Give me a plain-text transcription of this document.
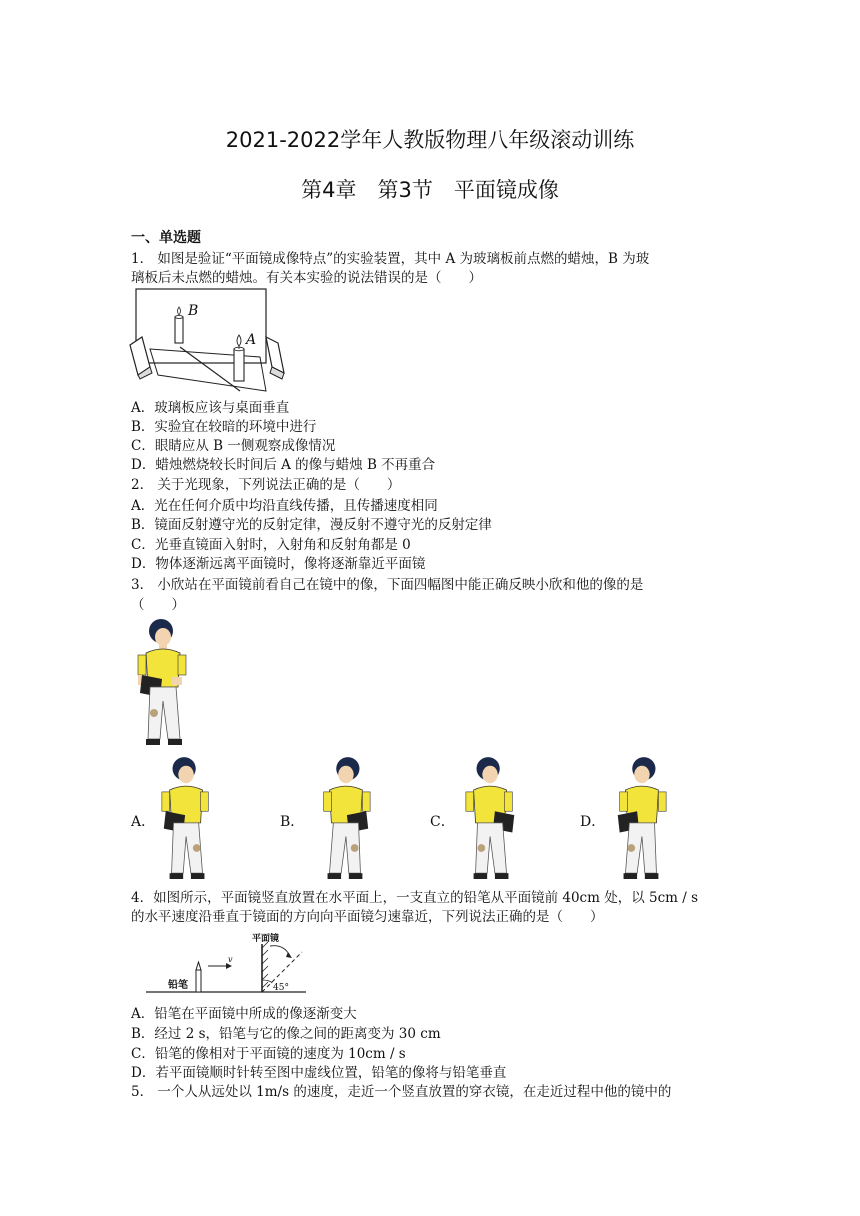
2021-2022学年人教版物理八年级滚动训练
第4章　第3节　平面镜成像
一、单选题
1． 如图是验证“平面镜成像特点”的实验装置，其中 A 为玻璃板前点燃的蜡烛，B 为玻
璃板后未点燃的蜡烛。有关本实验的说法错误的是（　　）
B
A
A．玻璃板应该与桌面垂直
B．实验宜在较暗的环境中进行
C．眼睛应从 B 一侧观察成像情况
D．蜡烛燃烧较长时间后 A 的像与蜡烛 B 不再重合
2． 关于光现象，下列说法正确的是（　　）
A．光在任何介质中均沿直线传播，且传播速度相同
B．镜面反射遵守光的反射定律，漫反射不遵守光的反射定律
C．光垂直镜面入射时，入射角和反射角都是 0
D．物体逐渐远离平面镜时，像将逐渐靠近平面镜
3． 小欣站在平面镜前看自己在镜中的像，下面四幅图中能正确反映小欣和他的像的是
（　　）
A．	B．	C．	D．
4．如图所示，平面镜竖直放置在水平面上，一支直立的铅笔从平面镜前 40cm 处，以 5cm / s
的水平速度沿垂直于镜面的方向向平面镜匀速靠近，下列说法正确的是（　　）
平面镜
铅笔
v
45°
A．铅笔在平面镜中所成的像逐渐变大
B．经过 2 s，铅笔与它的像之间的距离变为 30 cm
C．铅笔的像相对于平面镜的速度为 10cm / s
D．若平面镜顺时针转至图中虚线位置，铅笔的像将与铅笔垂直
5． 一个人从远处以 1m/s 的速度，走近一个竖直放置的穿衣镜，在走近过程中他的镜中的
